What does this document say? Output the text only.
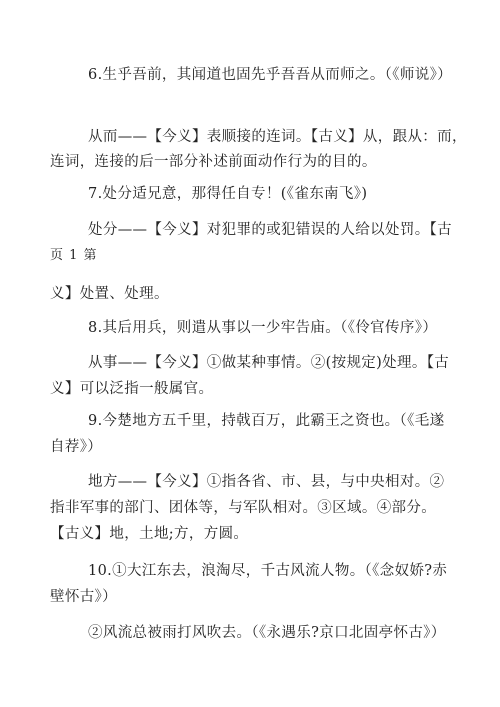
6.生乎吾前，其闻道也固先乎吾吾从而师之。（《师说》）
从而——【今义】表顺接的连词。【古义】从，跟从：而，
连词，连接的后一部分补述前面动作行为的目的。
7.处分适兄意，那得任自专！(《雀东南飞》)
处分——【今义】对犯罪的或犯错误的人给以处罚。【古
页 1 第
义】处置、处理。
8.其后用兵，则遣从事以一少牢告庙。（《伶官传序》）
从事——【今义】①做某种事情。②(按规定)处理。【古
义】可以泛指一般属官。
9.今楚地方五千里，持戟百万，此霸王之资也。（《毛遂
自荐》）
地方——【今义】①指各省、市、县，与中央相对。②
指非军事的部门、团体等，与军队相对。③区域。④部分。
【古义】地，土地;方，方圆。
10.①大江东去，浪淘尽，千古风流人物。（《念奴娇?赤
壁怀古》）
②风流总被雨打风吹去。（《永遇乐?京口北固亭怀古》）
